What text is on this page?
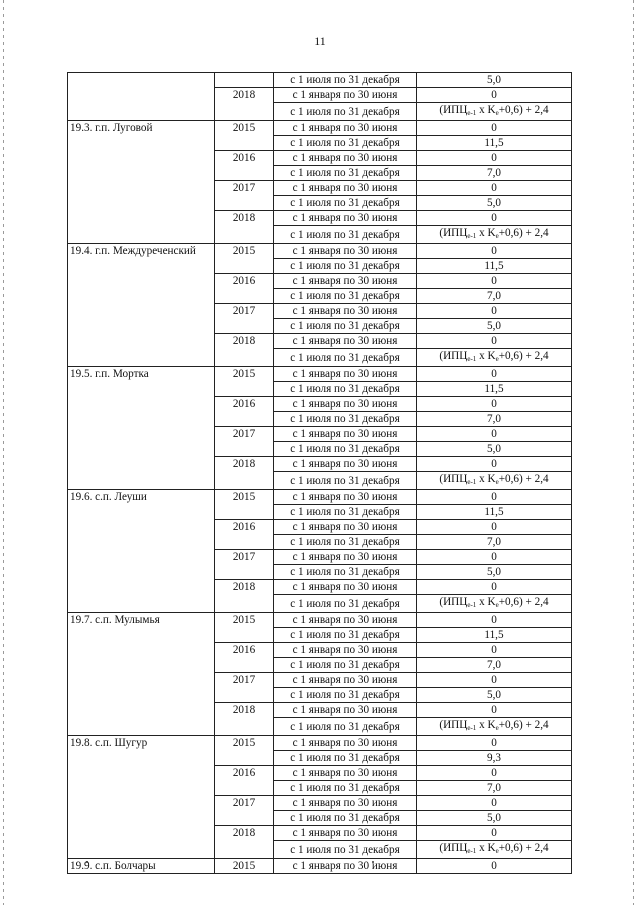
11
		с 1 июля по 31 декабря	5,0
	2018	с 1 января по 30 июня	0
		с 1 июля по 31 декабря	($ИПЦ_{e-1}$ x $K_e+0,6) + 2,4$
19.3. г.п. Луговой	2015	с 1 января по 30 июня	0
		с 1 июля по 31 декабря	11,5
	2016	с 1 января по 30 июня	0
		с 1 июля по 31 декабря	7,0
	2017	с 1 января по 30 июня	0
		с 1 июля по 31 декабря	5,0
	2018	с 1 января по 30 июня	0
		с 1 июля по 31 декабря	($ИПЦ_{e-1}$ x $K_e+0,6) + 2,4$
19.4. г.п. Междуреченский	2015	с 1 января по 30 июня	0
		с 1 июля по 31 декабря	11,5
	2016	с 1 января по 30 июня	0
		с 1 июля по 31 декабря	7,0
	2017	с 1 января по 30 июня	0
		с 1 июля по 31 декабря	5,0
	2018	с 1 января по 30 июня	0
		с 1 июля по 31 декабря	($ИПЦ_{e-1}$ x $K_e+0,6) + 2,4$
19.5. г.п. Мортка	2015	с 1 января по 30 июня	0
		с 1 июля по 31 декабря	11,5
	2016	с 1 января по 30 июня	0
		с 1 июля по 31 декабря	7,0
	2017	с 1 января по 30 июня	0
		с 1 июля по 31 декабря	5,0
	2018	с 1 января по 30 июня	0
		с 1 июля по 31 декабря	($ИПЦ_{e-1}$ x $K_e+0,6) + 2,4$
19.6. с.п. Леуши	2015	с 1 января по 30 июня	0
		с 1 июля по 31 декабря	11,5
	2016	с 1 января по 30 июня	0
		с 1 июля по 31 декабря	7,0
	2017	с 1 января по 30 июня	0
		с 1 июля по 31 декабря	5,0
	2018	с 1 января по 30 июня	0
		с 1 июля по 31 декабря	($ИПЦ_{e-1}$ x $K_e+0,6) + 2,4$
19.7. с.п. Мулымья	2015	с 1 января по 30 июня	0
		с 1 июля по 31 декабря	11,5
	2016	с 1 января по 30 июня	0
		с 1 июля по 31 декабря	7,0
	2017	с 1 января по 30 июня	0
		с 1 июля по 31 декабря	5,0
	2018	с 1 января по 30 июня	0
		с 1 июля по 31 декабря	($ИПЦ_{e-1}$ x $K_e+0,6) + 2,4$
19.8. с.п. Шугур	2015	с 1 января по 30 июня	0
		с 1 июля по 31 декабря	9,3
	2016	с 1 января по 30 июня	0
		с 1 июля по 31 декабря	7,0
	2017	с 1 января по 30 июня	0
		с 1 июля по 31 декабря	5,0
	2018	с 1 января по 30 июня	0
		с 1 июля по 31 декабря	($ИПЦ_{e-1}$ x $K_e+0,6) + 2,4$
19.9. с.п. Болчары	2015	с 1 января по 30 июня	0
